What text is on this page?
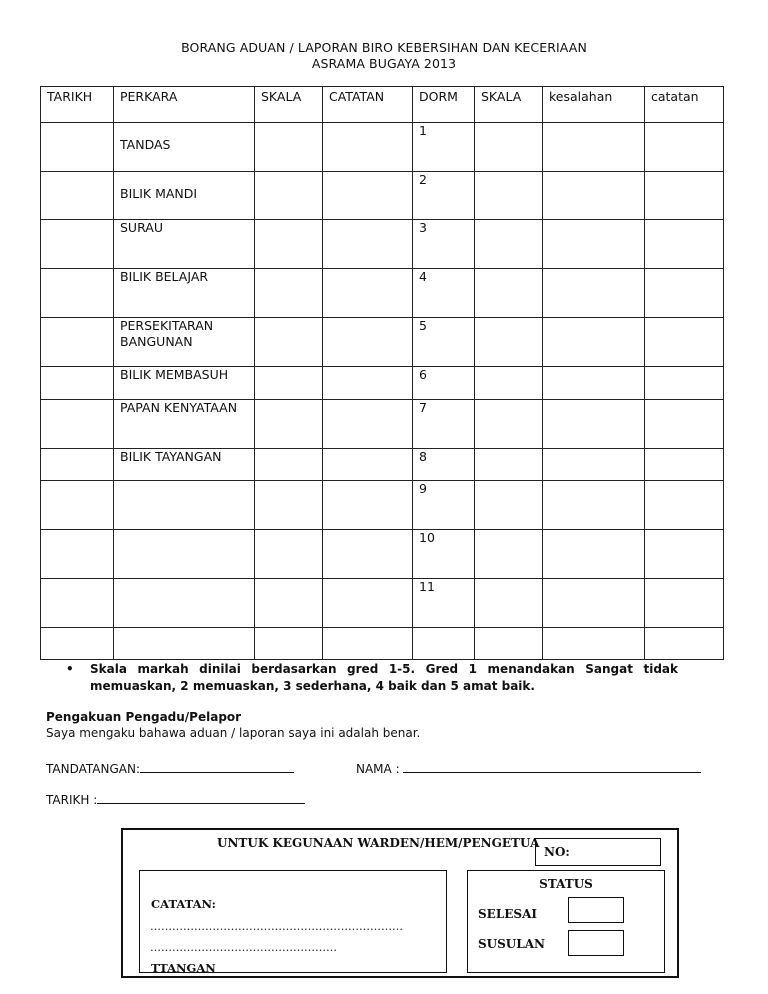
BORANG ADUAN / LAPORAN BIRO KEBERSIHAN DAN KECERIAAN
ASRAMA BUGAYA 2013
TARIKH	PERKARA	SKALA	CATATAN	DORM	SKALA	kesalahan	catatan
	TANDAS			1			
	BILIK MANDI			2			
	SURAU			3			
	BILIK BELAJAR			4			
	PERSEKITARAN BANGUNAN			5			
	BILIK MEMBASUH			6			
	PAPAN KENYATAAN			7			
	BILIK TAYANGAN			8			
				9			
				10			
				11			

• Skala markah dinilai berdasarkan gred 1-5. Gred 1 menandakan Sangat tidak memuaskan, 2 memuaskan, 3 sederhana, 4 baik dan 5 amat baik.
Pengakuan Pengadu/Pelapor
Saya mengaku bahawa aduan / laporan saya ini adalah benar.
TANDATANGAN:	NAMA :
TARIKH :
UNTUK KEGUNAAN WARDEN/HEM/PENGETUA
NO:
CATATAN:
……………………………………………………………
……………………………………………
TTANGAN
STATUS
SELESAI
SUSULAN
